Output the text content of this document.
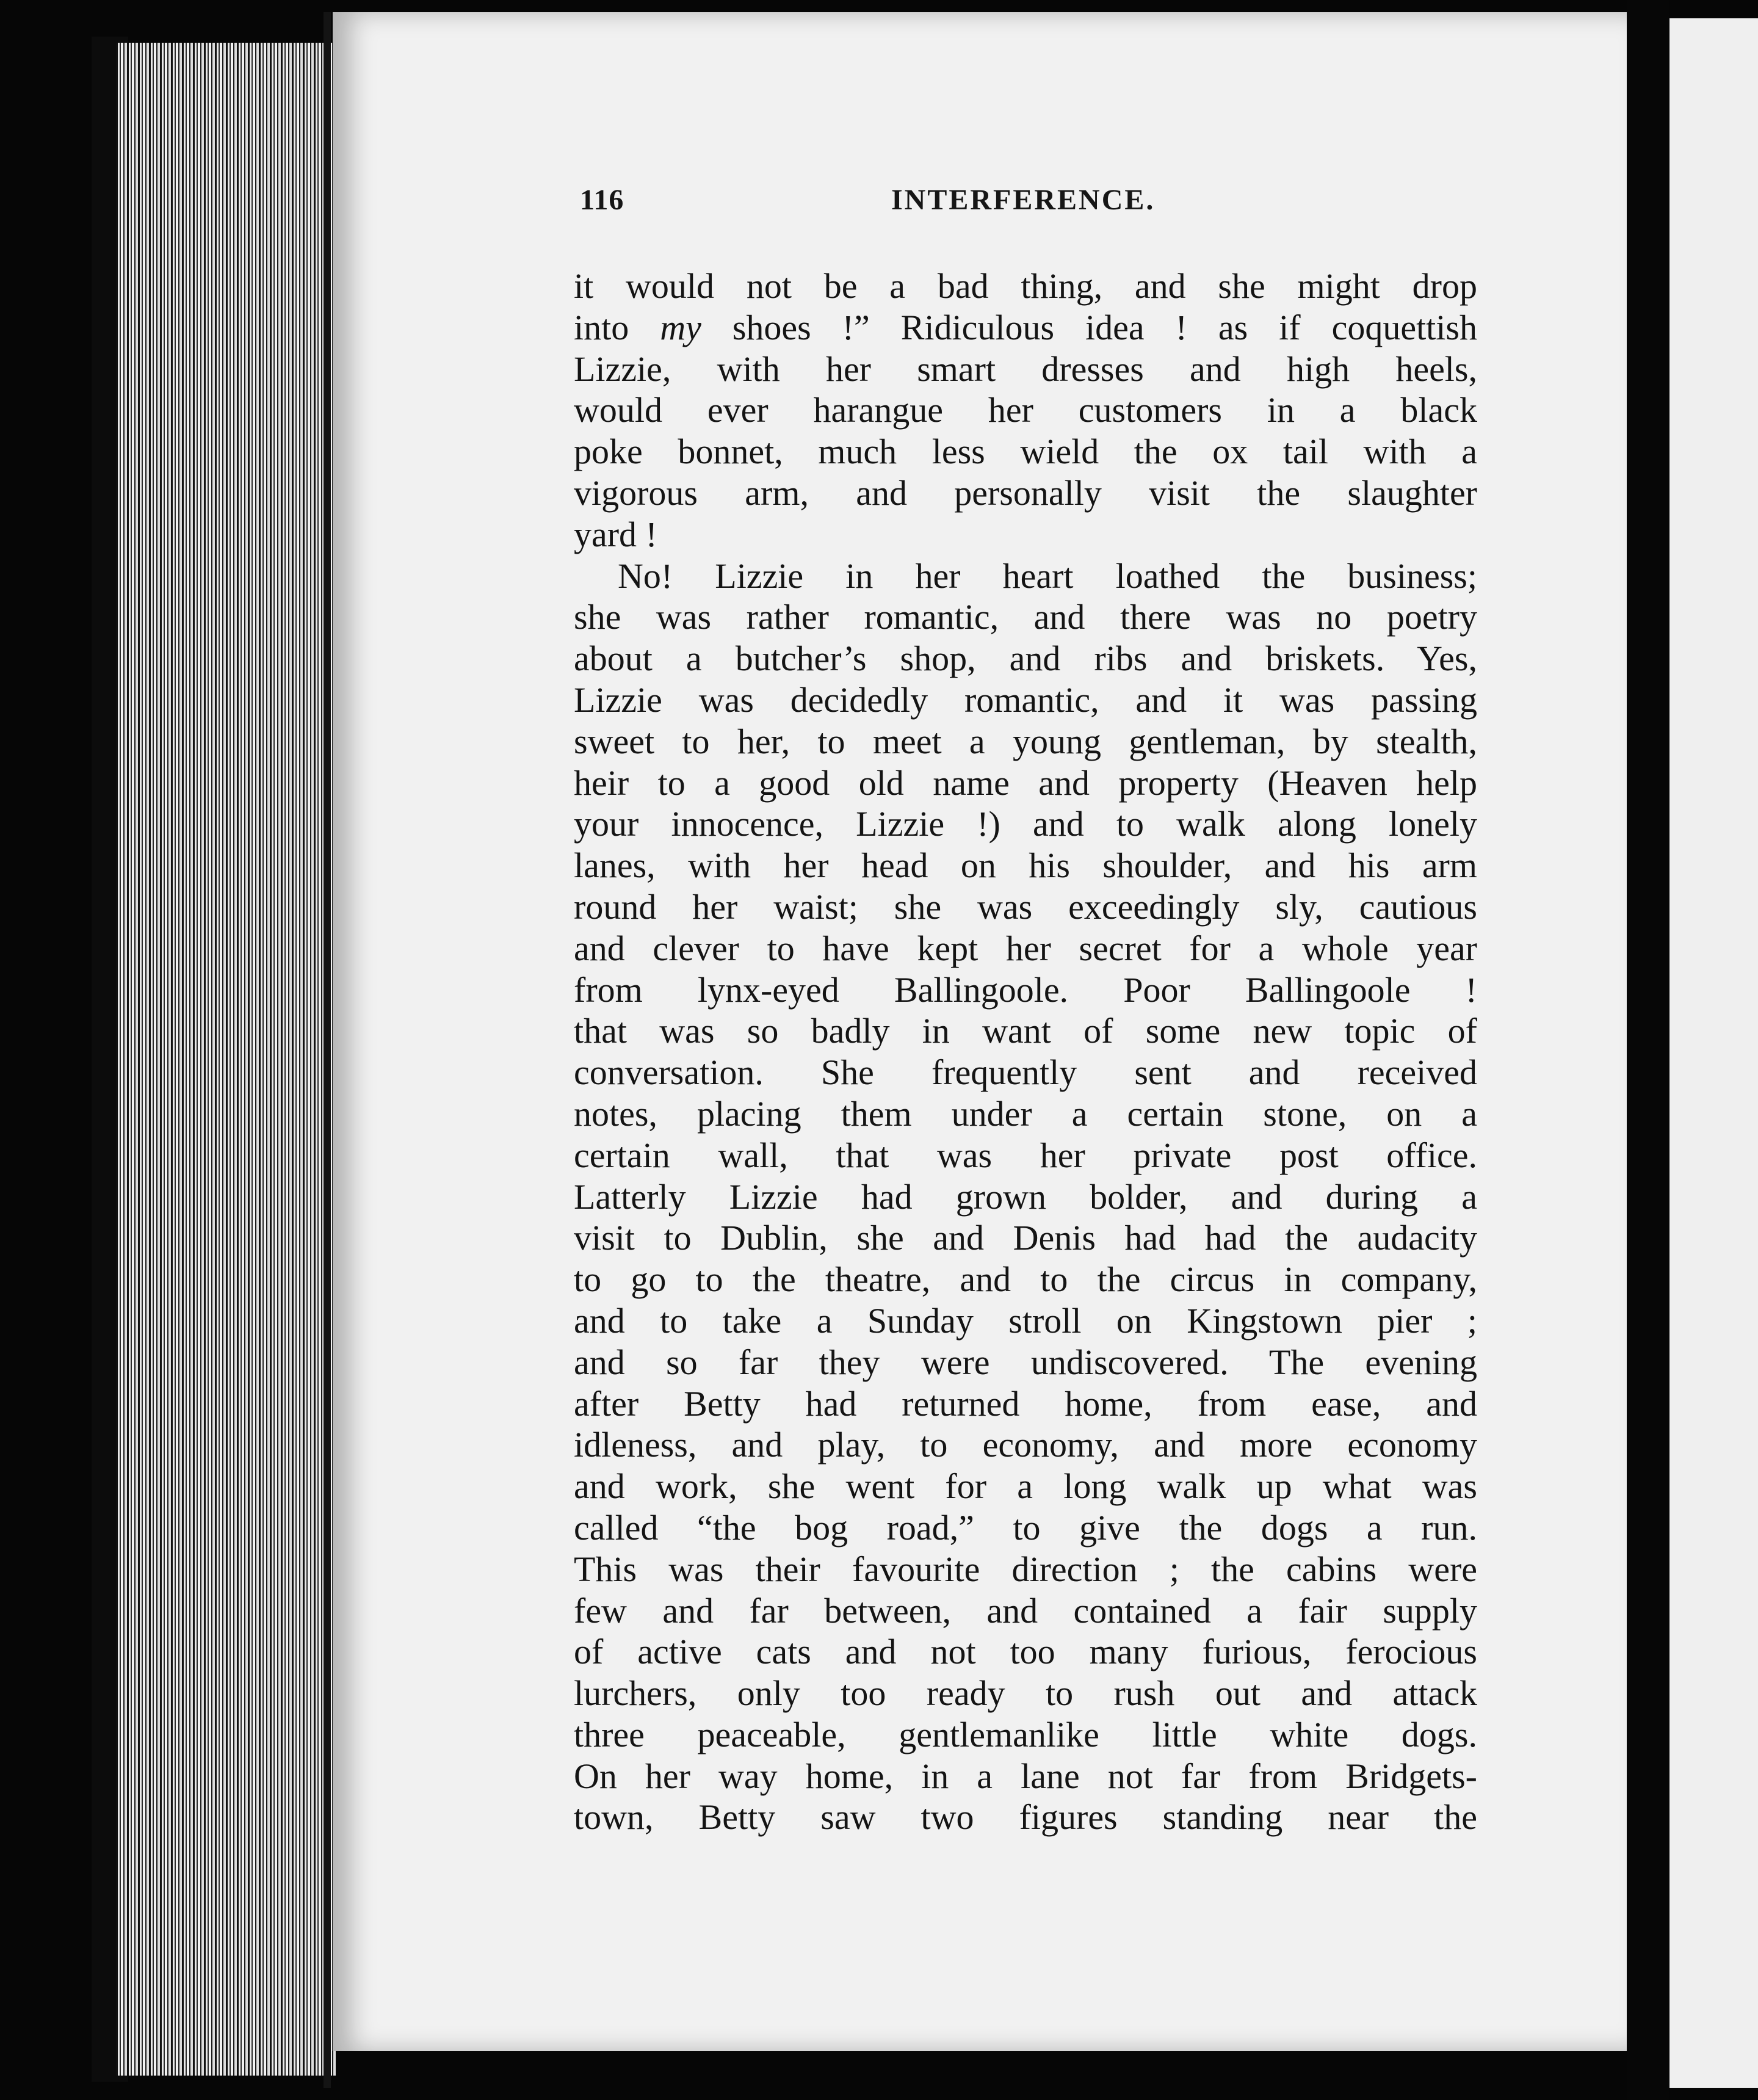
116	INTERFERENCE.
it would not be a bad thing, and she might drop
into my shoes !” Ridiculous idea ! as if coquettish
Lizzie, with her smart dresses and high heels,
would ever harangue her customers in a black
poke bonnet, much less wield the ox tail with a
vigorous arm, and personally visit the slaughter
yard !
No! Lizzie in her heart loathed the business;
she was rather romantic, and there was no poetry
about a butcher’s shop, and ribs and briskets. Yes,
Lizzie was decidedly romantic, and it was passing
sweet to her, to meet a young gentleman, by stealth,
heir to a good old name and property (Heaven help
your innocence, Lizzie !) and to walk along lonely
lanes, with her head on his shoulder, and his arm
round her waist; she was exceedingly sly, cautious
and clever to have kept her secret for a whole year
from lynx-eyed Ballingoole. Poor Ballingoole !
that was so badly in want of some new topic of
conversation. She frequently sent and received
notes, placing them under a certain stone, on a
certain wall, that was her private post office.
Latterly Lizzie had grown bolder, and during a
visit to Dublin, she and Denis had had the audacity
to go to the theatre, and to the circus in company,
and to take a Sunday stroll on Kingstown pier ;
and so far they were undiscovered. The evening
after Betty had returned home, from ease, and
idleness, and play, to economy, and more economy
and work, she went for a long walk up what was
called “the bog road,” to give the dogs a run.
This was their favourite direction ; the cabins were
few and far between, and contained a fair supply
of active cats and not too many furious, ferocious
lurchers, only too ready to rush out and attack
three peaceable, gentlemanlike little white dogs.
On her way home, in a lane not far from Bridgets-
town, Betty saw two figures standing near the
